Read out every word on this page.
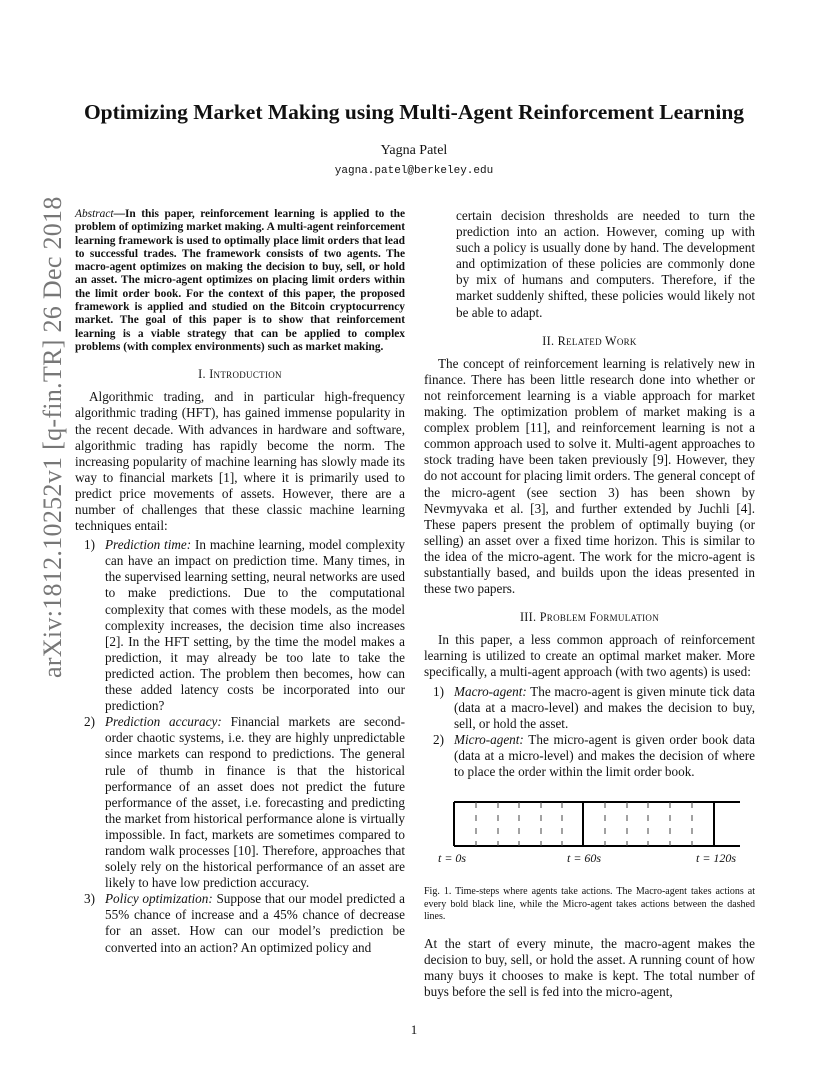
Optimizing Market Making using Multi-Agent Reinforcement Learning
Yagna Patel
yagna.patel@berkeley.edu
arXiv:1812.10252v1 [q-fin.TR] 26 Dec 2018 Abstract—In this paper, reinforcement learning is applied to the problem of optimizing market making. A multi-agent reinforcement learning framework is used to optimally place limit orders that lead to successful trades. The framework consists of two agents. The macro-agent optimizes on making the decision to buy, sell, or hold an asset. The micro-agent optimizes on placing limit orders within the limit order book. For the context of this paper, the proposed framework is applied and studied on the Bitcoin cryptocurrency market. The goal of this paper is to show that reinforcement learning is a viable strategy that can be applied to complex problems (with complex environments) such as market making.

I. Introduction

Algorithmic trading, and in particular high-frequency algorithmic trading (HFT), has gained immense popularity in the recent decade. With advances in hardware and software, algorithmic trading has rapidly become the norm. The increasing popularity of machine learning has slowly made its way to financial markets [1], where it is primarily used to predict price movements of assets. However, there are a number of challenges that these classic machine learning techniques entail:

1) Prediction time: In machine learning, model complexity can have an impact on prediction time. Many times, in the supervised learning setting, neural networks are used to make predictions. Due to the computational complexity that comes with these models, as the model complexity increases, the decision time also increases [2]. In the HFT setting, by the time the model makes a prediction, it may already be too late to take the predicted action. The problem then becomes, how can these added latency costs be incorporated into our prediction?
2) Prediction accuracy: Financial markets are second-order chaotic systems, i.e. they are highly unpredictable since markets can respond to predictions. The general rule of thumb in finance is that the historical performance of an asset does not predict the future performance of the asset, i.e. forecasting and predicting the market from historical performance alone is virtually impossible. In fact, markets are sometimes compared to random walk processes [10]. Therefore, approaches that solely rely on the historical performance of an asset are likely to have low prediction accuracy.
3) Policy optimization: Suppose that our model predicted a 55% chance of increase and a 45% chance of decrease for an asset. How can our model’s prediction be converted into an action? An optimized policy and
certain decision thresholds are needed to turn the prediction into an action. However, coming up with such a policy is usually done by hand. The development and optimization of these policies are commonly done by mix of humans and computers. Therefore, if the market suddenly shifted, these policies would likely not be able to adapt.
II. Related Work

The concept of reinforcement learning is relatively new in finance. There has been little research done into whether or not reinforcement learning is a viable approach for market making. The optimization problem of market making is a complex problem [11], and reinforcement learning is not a common approach used to solve it. Multi-agent approaches to stock trading have been taken previously [9]. However, they do not account for placing limit orders. The general concept of the micro-agent (see section 3) has been shown by Nevmyvaka et al. [3], and further extended by Juchli [4]. These papers present the problem of optimally buying (or selling) an asset over a fixed time horizon. This is similar to the idea of the micro-agent. The work for the micro-agent is substantially based, and builds upon the ideas presented in these two papers.

III. Problem Formulation

In this paper, a less common approach of reinforcement learning is utilized to create an optimal market maker. More specifically, a multi-agent approach (with two agents) is used:

1) Macro-agent: The macro-agent is given minute tick data (data at a macro-level) and makes the decision to buy, sell, or hold the asset.
2) Micro-agent: The micro-agent is given order book data (data at a micro-level) and makes the decision of where to place the order within the limit order book.
t = 0s	t = 60s	t = 120s
Fig. 1. Time-steps where agents take actions. The Macro-agent takes actions at every bold black line, while the Micro-agent takes actions between the dashed lines.

At the start of every minute, the macro-agent makes the decision to buy, sell, or hold the asset. A running count of how many buys it chooses to make is kept. The total number of buys before the sell is fed into the micro-agent,

1
